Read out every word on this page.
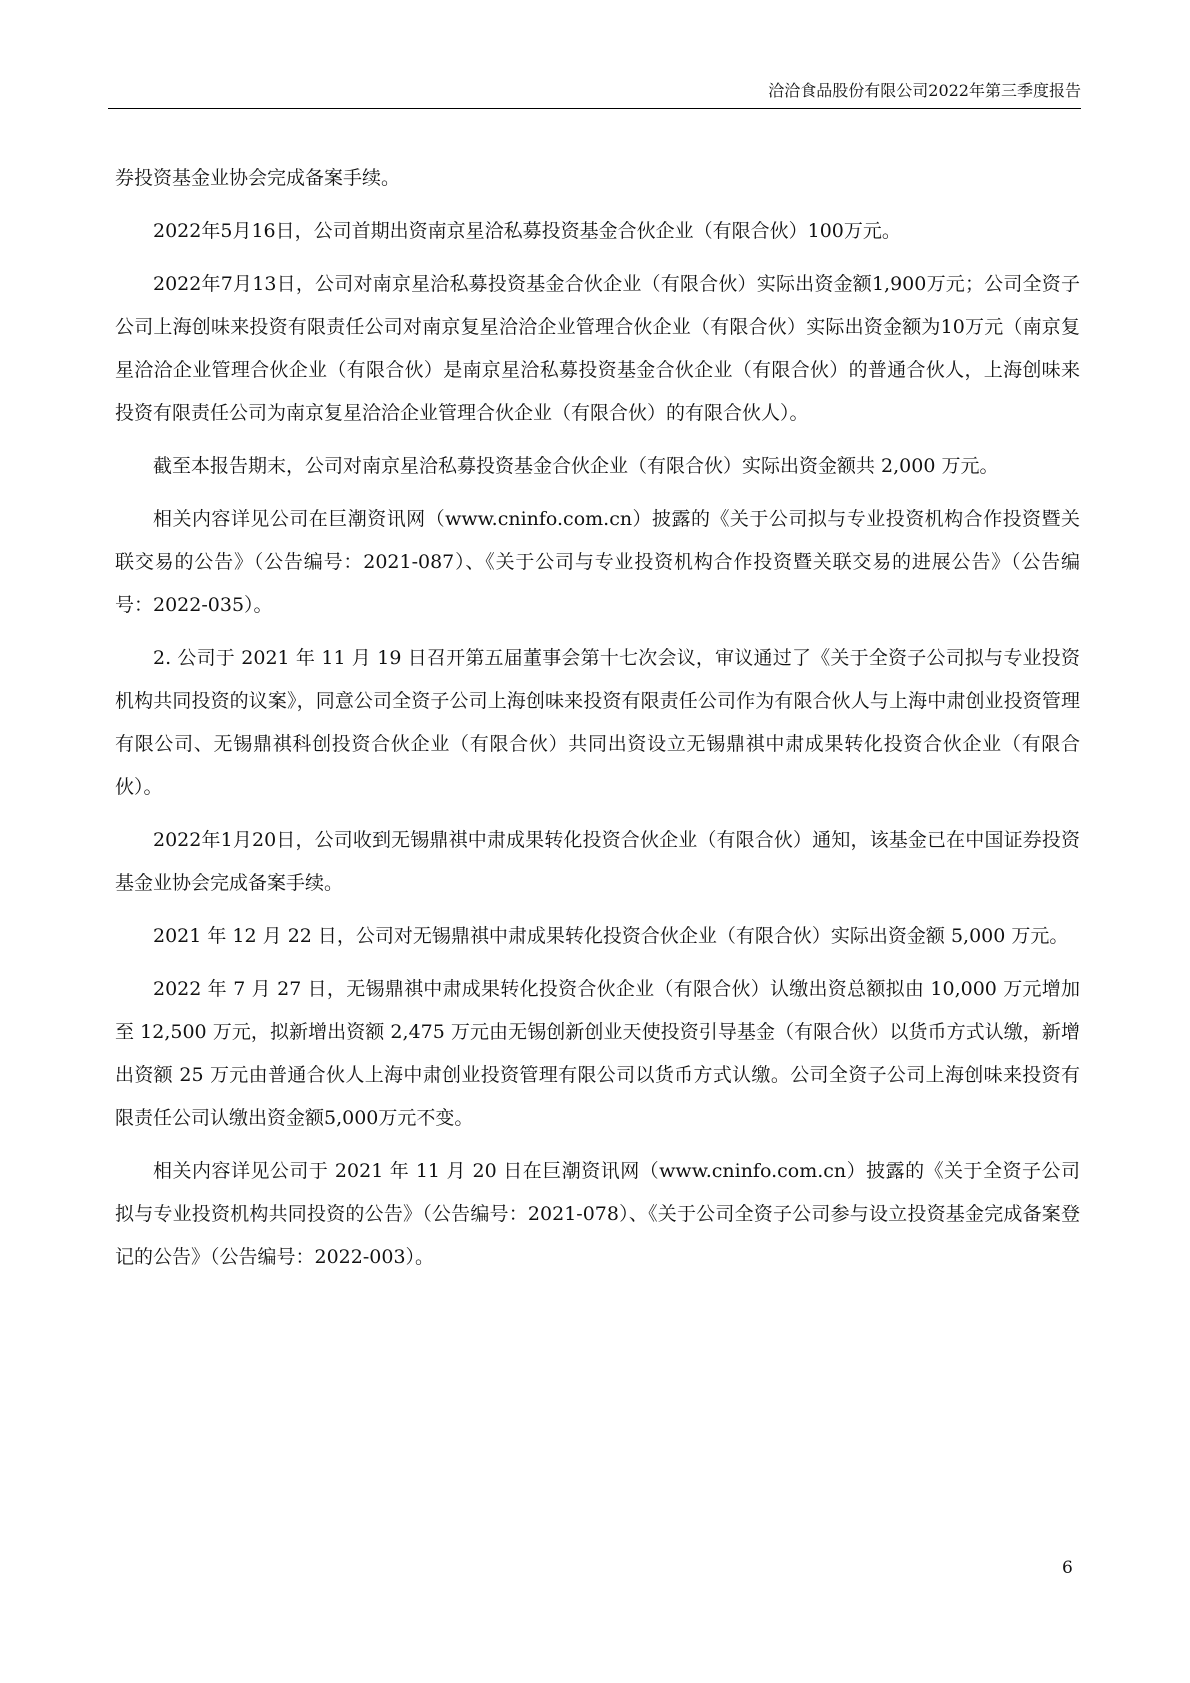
洽洽食品股份有限公司2022年第三季度报告

券投资基金业协会完成备案手续。

2022年5月16日，公司首期出资南京星洽私募投资基金合伙企业（有限合伙）100万元。

2022年7月13日，公司对南京星洽私募投资基金合伙企业（有限合伙）实际出资金额1,900万元；公司全资子公司上海创味来投资有限责任公司对南京复星洽洽企业管理合伙企业（有限合伙）实际出资金额为10万元（南京复星洽洽企业管理合伙企业（有限合伙）是南京星洽私募投资基金合伙企业（有限合伙）的普通合伙人，上海创味来投资有限责任公司为南京复星洽洽企业管理合伙企业（有限合伙）的有限合伙人）。

截至本报告期末，公司对南京星洽私募投资基金合伙企业（有限合伙）实际出资金额共 2,000 万元。

相关内容详见公司在巨潮资讯网（www.cninfo.com.cn）披露的《关于公司拟与专业投资机构合作投资暨关联交易的公告》（公告编号：2021-087）、《关于公司与专业投资机构合作投资暨关联交易的进展公告》（公告编号：2022-035）。

2. 公司于 2021 年 11 月 19 日召开第五届董事会第十七次会议，审议通过了《关于全资子公司拟与专业投资机构共同投资的议案》，同意公司全资子公司上海创味来投资有限责任公司作为有限合伙人与上海中肃创业投资管理有限公司、无锡鼎祺科创投资合伙企业（有限合伙）共同出资设立无锡鼎祺中肃成果转化投资合伙企业（有限合伙）。

2022年1月20日，公司收到无锡鼎祺中肃成果转化投资合伙企业（有限合伙）通知，该基金已在中国证券投资基金业协会完成备案手续。

2021 年 12 月 22 日，公司对无锡鼎祺中肃成果转化投资合伙企业（有限合伙）实际出资金额 5,000 万元。

2022 年 7 月 27 日，无锡鼎祺中肃成果转化投资合伙企业（有限合伙）认缴出资总额拟由 10,000 万元增加至 12,500 万元，拟新增出资额 2,475 万元由无锡创新创业天使投资引导基金（有限合伙）以货币方式认缴，新增出资额 25 万元由普通合伙人上海中肃创业投资管理有限公司以货币方式认缴。公司全资子公司上海创味来投资有限责任公司认缴出资金额5,000万元不变。

相关内容详见公司于 2021 年 11 月 20 日在巨潮资讯网（www.cninfo.com.cn）披露的《关于全资子公司拟与专业投资机构共同投资的公告》（公告编号：2021-078）、《关于公司全资子公司参与设立投资基金完成备案登记的公告》（公告编号：2022-003）。

6
